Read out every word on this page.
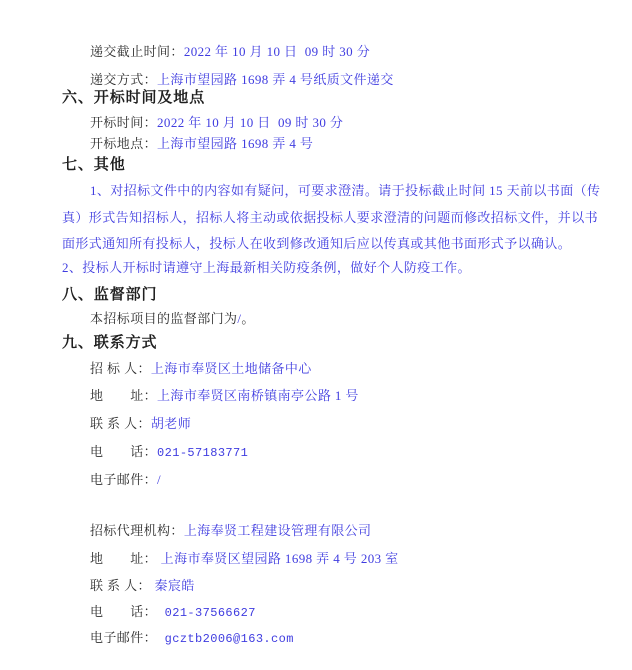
递交截止时间：2022 年 10 月 10 日  09 时 30 分
递交方式：上海市望园路 1698 弄 4 号纸质文件递交
六、开标时间及地点
开标时间：2022 年 10 月 10 日  09 时 30 分
开标地点：上海市望园路 1698 弄 4 号
七、其他
1、对招标文件中的内容如有疑问，可要求澄清。请于投标截止时间 15 天前以书面（传
真）形式告知招标人，招标人将主动或依据投标人要求澄清的问题而修改招标文件，并以书
面形式通知所有投标人，投标人在收到修改通知后应以传真或其他书面形式予以确认。
2、投标人开标时请遵守上海最新相关防疫条例，做好个人防疫工作。
八、监督部门
本招标项目的监督部门为/。
九、联系方式
招 标 人：上海市奉贤区土地储备中心
地　　址：上海市奉贤区南桥镇南亭公路 1 号
联 系 人：胡老师
电　　话：021-57183771
电子邮件：/
招标代理机构：上海奉贤工程建设管理有限公司
地　　址： 上海市奉贤区望园路 1698 弄 4 号 203 室
联 系 人： 秦宸皓
电　　话： 021-37566627
电子邮件： gcztb2006@163.com
